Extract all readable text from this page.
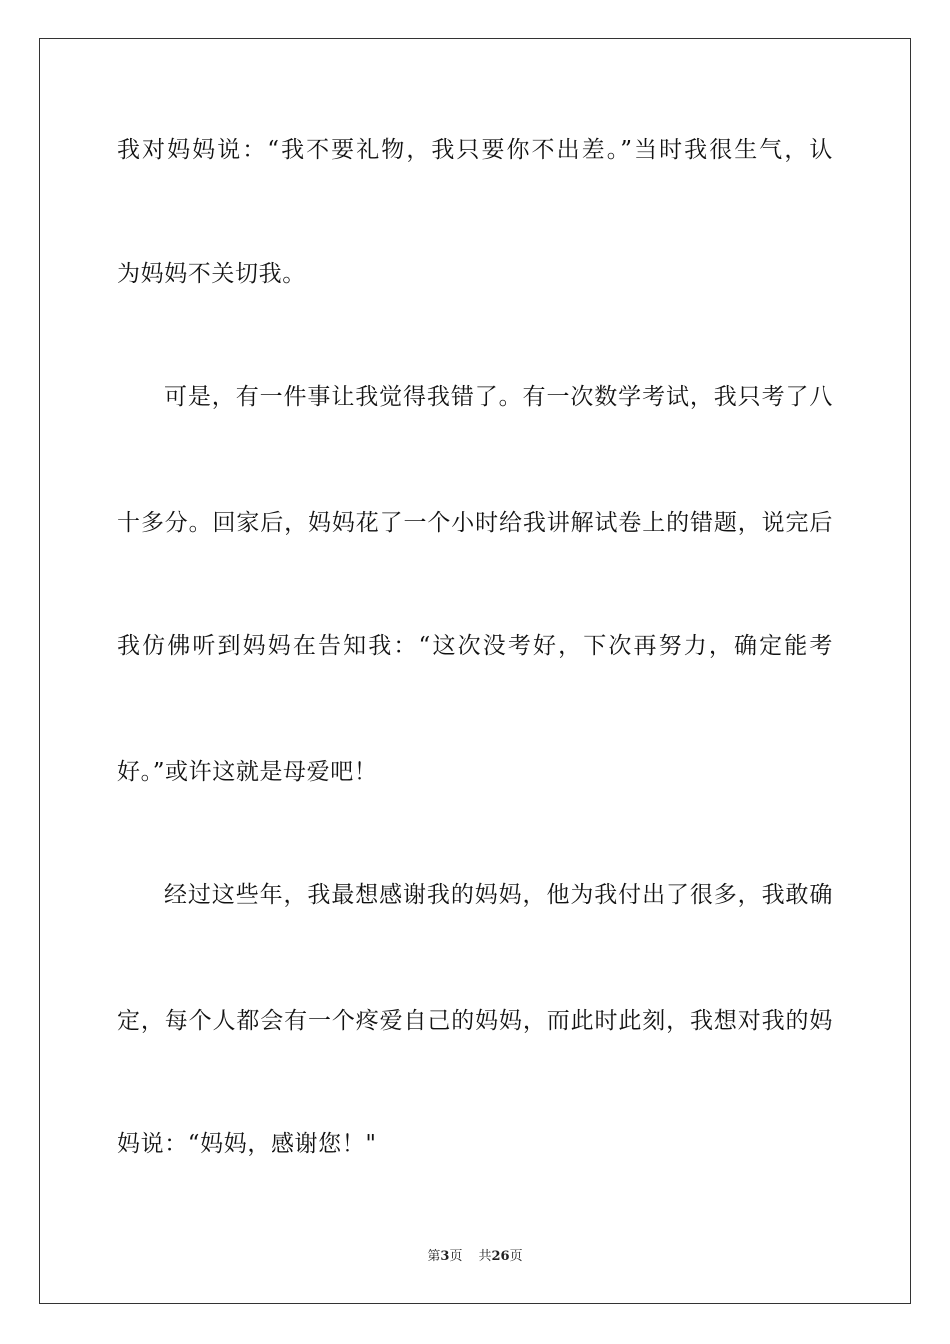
我对妈妈说：“我不要礼物，我只要你不出差。”当时我很生气，认
为妈妈不关切我。
可是，有一件事让我觉得我错了。有一次数学考试，我只考了八
十多分。回家后，妈妈花了一个小时给我讲解试卷上的错题，说完后
我仿佛听到妈妈在告知我：“这次没考好，下次再努力，确定能考
好。”或许这就是母爱吧！
经过这些年，我最想感谢我的妈妈，他为我付出了很多，我敢确
定，每个人都会有一个疼爱自己的妈妈，而此时此刻，我想对我的妈
妈说：“妈妈，感谢您！"
第3页 共26页
